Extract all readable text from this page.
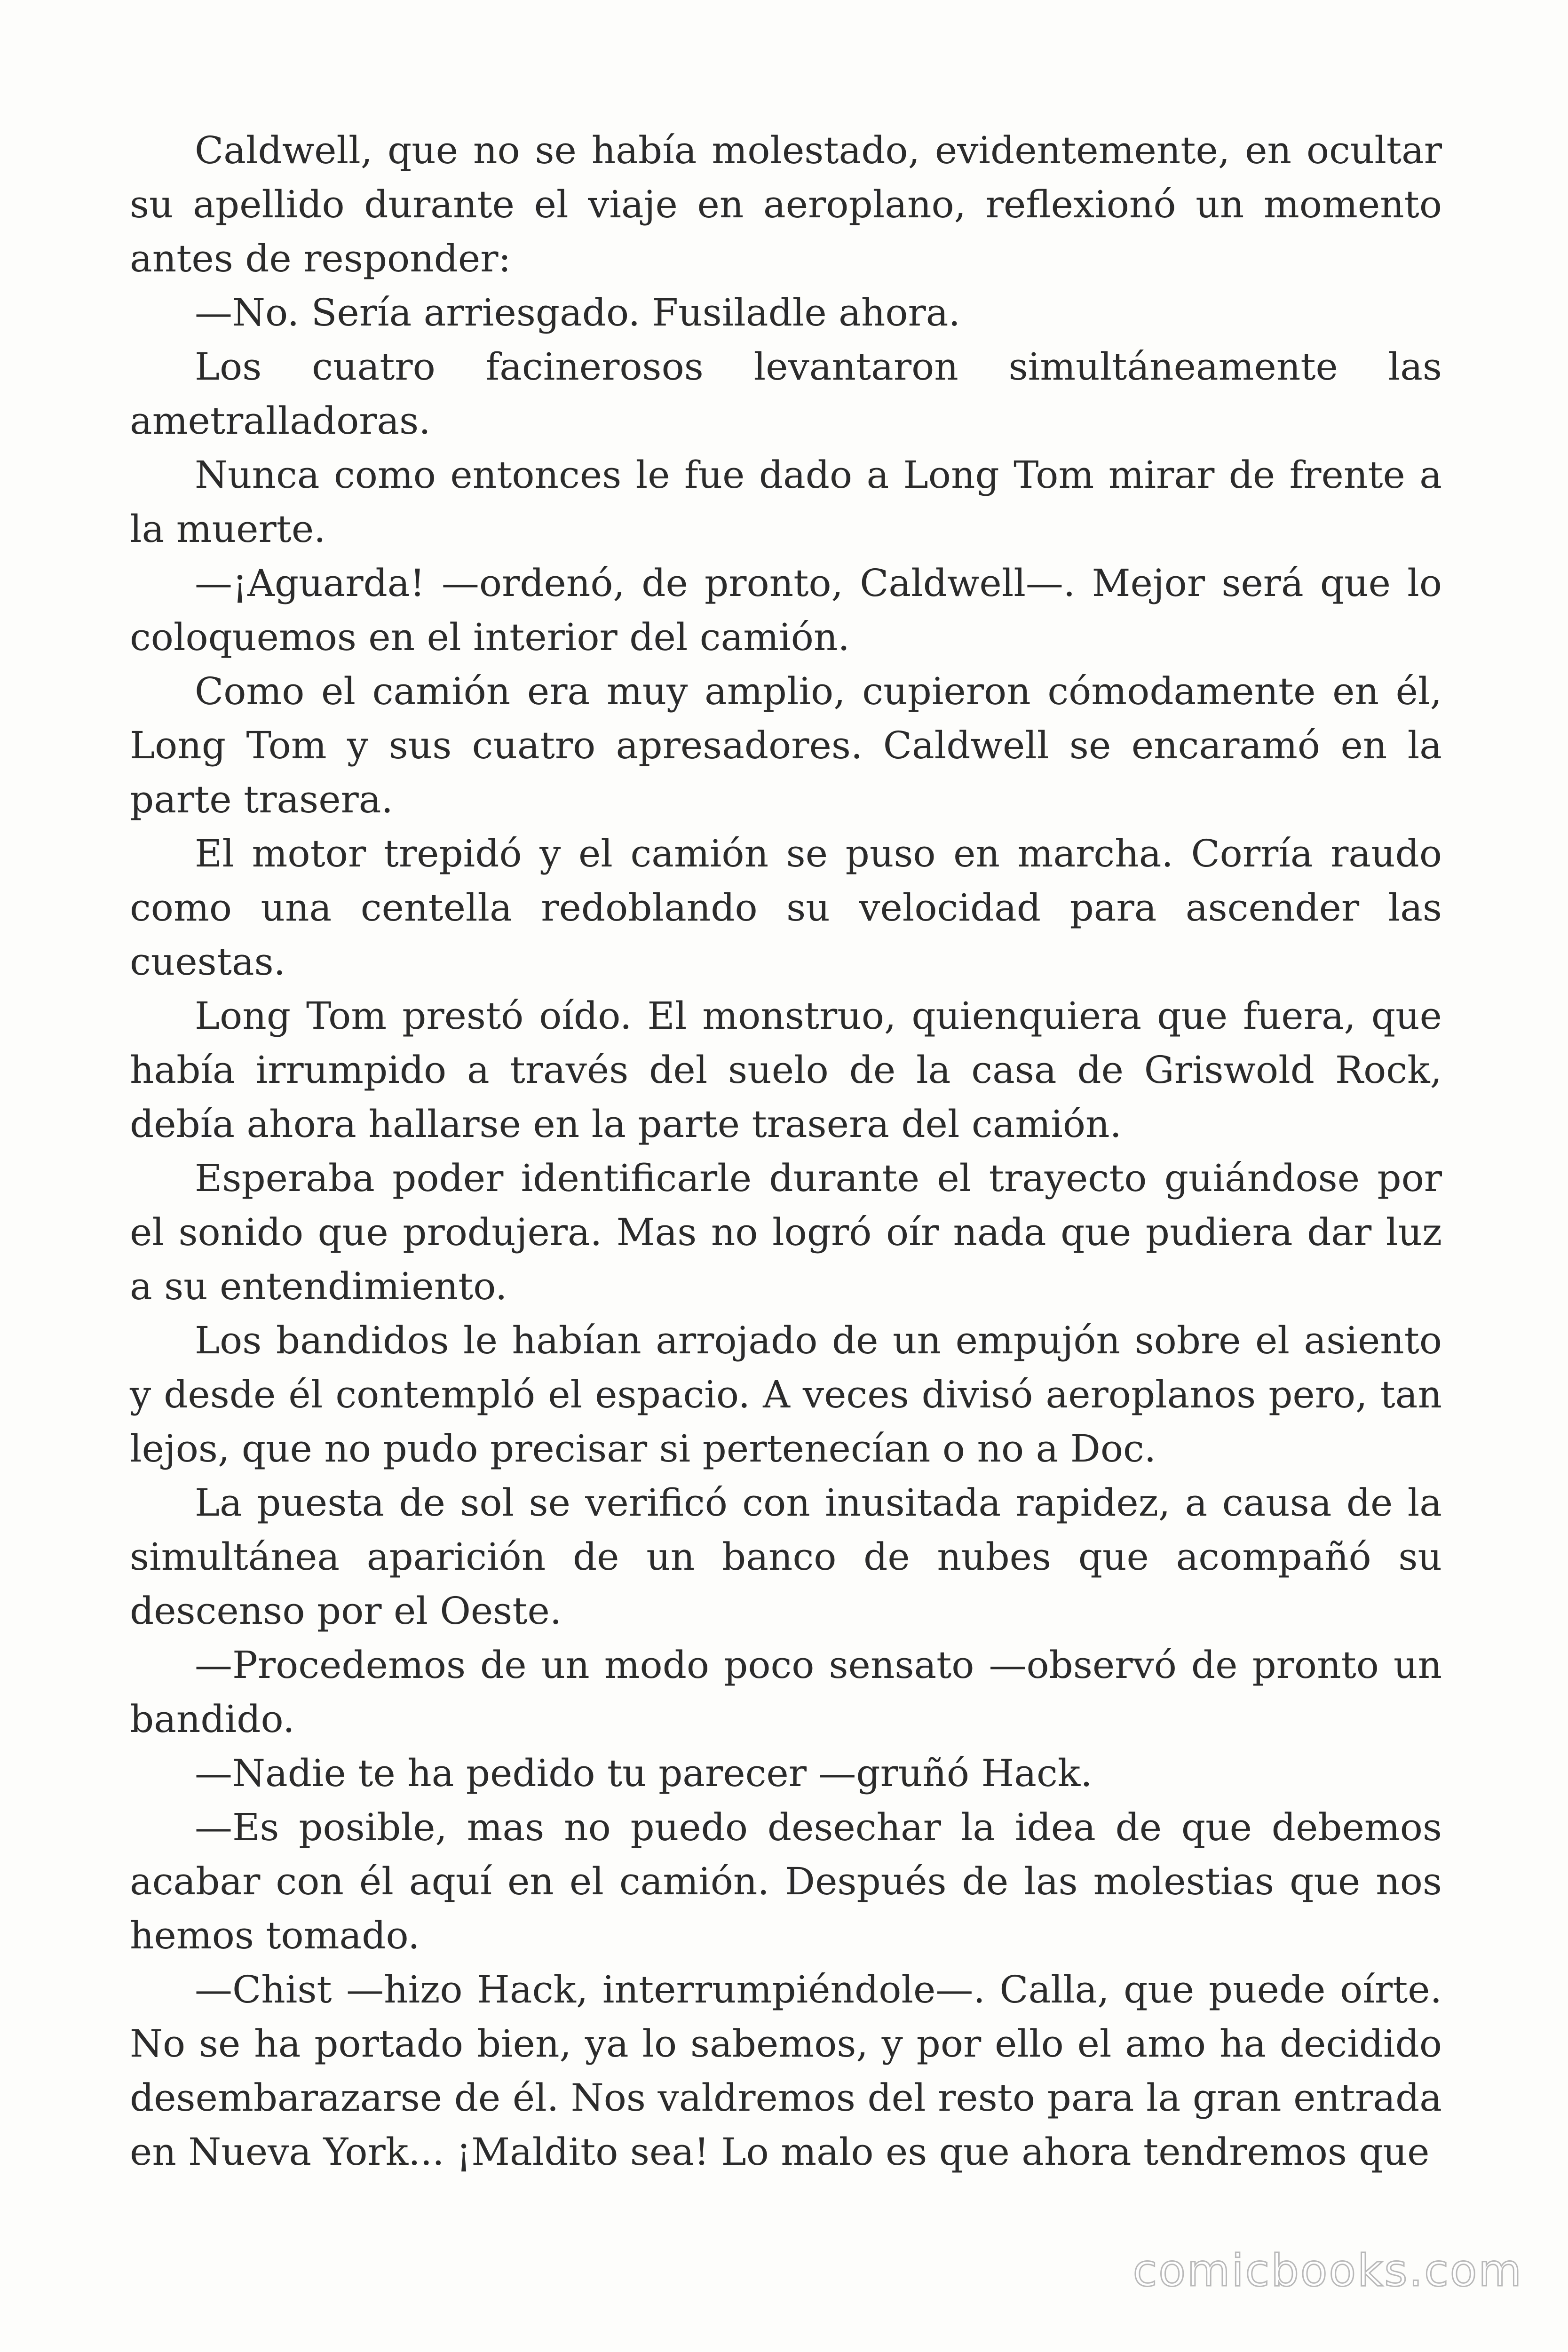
Caldwell, que no se había molestado, evidentemente, en ocultar su apellido durante el viaje en aeroplano, reflexionó un momento antes de responder:

—No. Sería arriesgado. Fusiladle ahora.

Los cuatro facinerosos levantaron simultáneamente las ametralladoras.

Nunca como entonces le fue dado a Long Tom mirar de frente a la muerte.

—¡Aguarda! —ordenó, de pronto, Caldwell—. Mejor será que lo coloquemos en el interior del camión.

Como el camión era muy amplio, cupieron cómodamente en él, Long Tom y sus cuatro apresadores. Caldwell se encaramó en la parte trasera.

El motor trepidó y el camión se puso en marcha. Corría raudo como una centella redoblando su velocidad para ascender las cuestas.

Long Tom prestó oído. El monstruo, quienquiera que fuera, que había irrumpido a través del suelo de la casa de Griswold Rock, debía ahora hallarse en la parte trasera del camión.

Esperaba poder identificarle durante el trayecto guiándose por el sonido que produjera. Mas no logró oír nada que pudiera dar luz a su entendimiento.

Los bandidos le habían arrojado de un empujón sobre el asiento y desde él contempló el espacio. A veces divisó aeroplanos pero, tan lejos, que no pudo precisar si pertenecían o no a Doc.

La puesta de sol se verificó con inusitada rapidez, a causa de la simultánea aparición de un banco de nubes que acompañó su descenso por el Oeste.

—Procedemos de un modo poco sensato —observó de pronto un bandido.

—Nadie te ha pedido tu parecer —gruñó Hack.

—Es posible, mas no puedo desechar la idea de que debemos acabar con él aquí en el camión. Después de las molestias que nos hemos tomado.

—Chist —hizo Hack, interrumpiéndole—. Calla, que puede oírte. No se ha portado bien, ya lo sabemos, y por ello el amo ha decidido desembarazarse de él. Nos valdremos del resto para la gran entrada en Nueva York... ¡Maldito sea! Lo malo es que ahora tendremos que

comicbooks.com
